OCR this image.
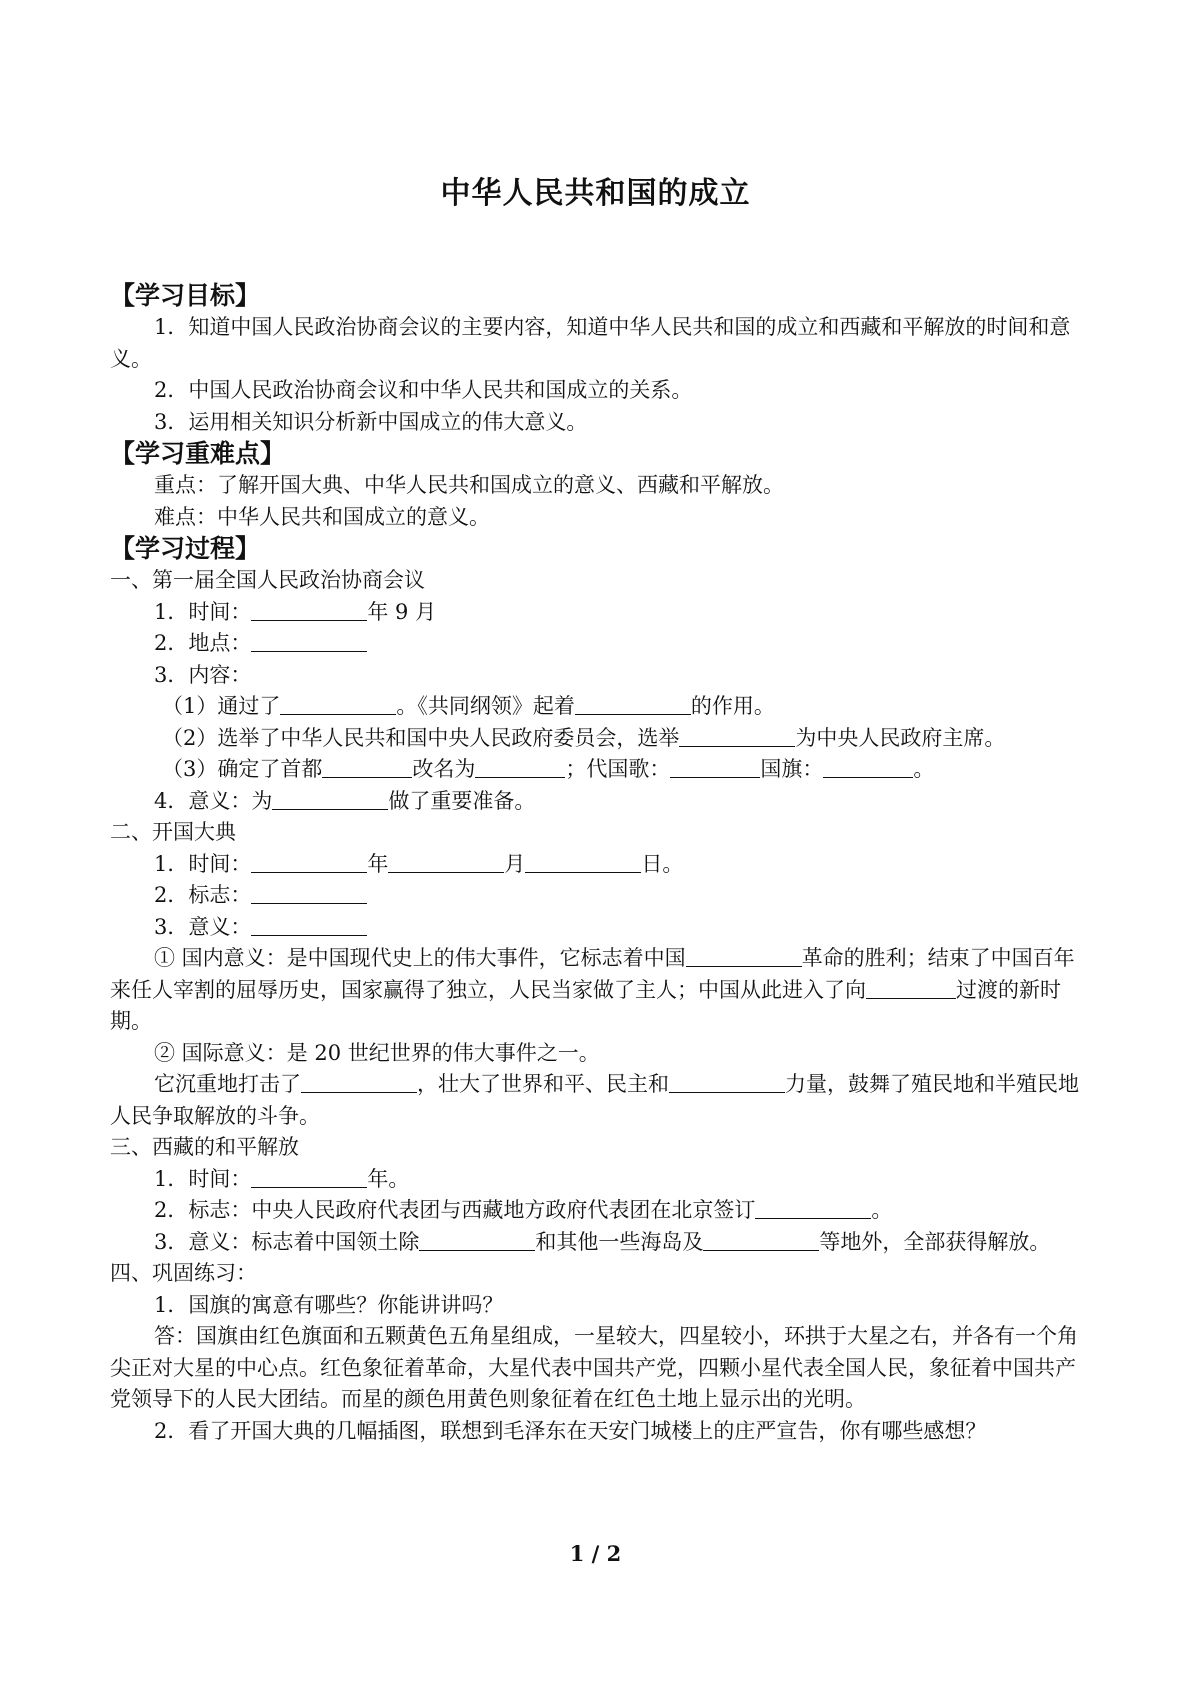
中华人民共和国的成立
【学习目标】

1．知道中国人民政治协商会议的主要内容，知道中华人民共和国的成立和西藏和平解放的时间和意义。

2．中国人民政治协商会议和中华人民共和国成立的关系。

3．运用相关知识分析新中国成立的伟大意义。

【学习重难点】

重点：了解开国大典、中华人民共和国成立的意义、西藏和平解放。

难点：中华人民共和国成立的意义。

【学习过程】

一、第一届全国人民政治协商会议

1．时间：	年 9 月

2．地点：

3．内容：

（1）通过了	。《共同纲领》起着	的作用。

（2）选举了中华人民共和国中央人民政府委员会，选举	为中央人民政府主席。

（3）确定了首都	改名为	；代国歌：	国旗：	。

4．意义：为	做了重要准备。

二、开国大典

1．时间：	年	月	日。

2．标志：

3．意义：

① 国内意义：是中国现代史上的伟大事件，它标志着中国	革命的胜利；结束了中国百年来任人宰割的屈辱历史，国家赢得了独立，人民当家做了主人；中国从此进入了向	过渡的新时期。

② 国际意义：是 20 世纪世界的伟大事件之一。

它沉重地打击了	，壮大了世界和平、民主和	力量，鼓舞了殖民地和半殖民地人民争取解放的斗争。

三、西藏的和平解放

1．时间：	年。

2．标志：中央人民政府代表团与西藏地方政府代表团在北京签订	。

3．意义：标志着中国领土除	和其他一些海岛及	等地外，全部获得解放。

四、巩固练习：

1．国旗的寓意有哪些？你能讲讲吗？

答：国旗由红色旗面和五颗黄色五角星组成，一星较大，四星较小，环拱于大星之右，并各有一个角尖正对大星的中心点。红色象征着革命，大星代表中国共产党，四颗小星代表全国人民，象征着中国共产党领导下的人民大团结。而星的颜色用黄色则象征着在红色土地上显示出的光明。

2．看了开国大典的几幅插图，联想到毛泽东在天安门城楼上的庄严宣告，你有哪些感想？

1 / 2
